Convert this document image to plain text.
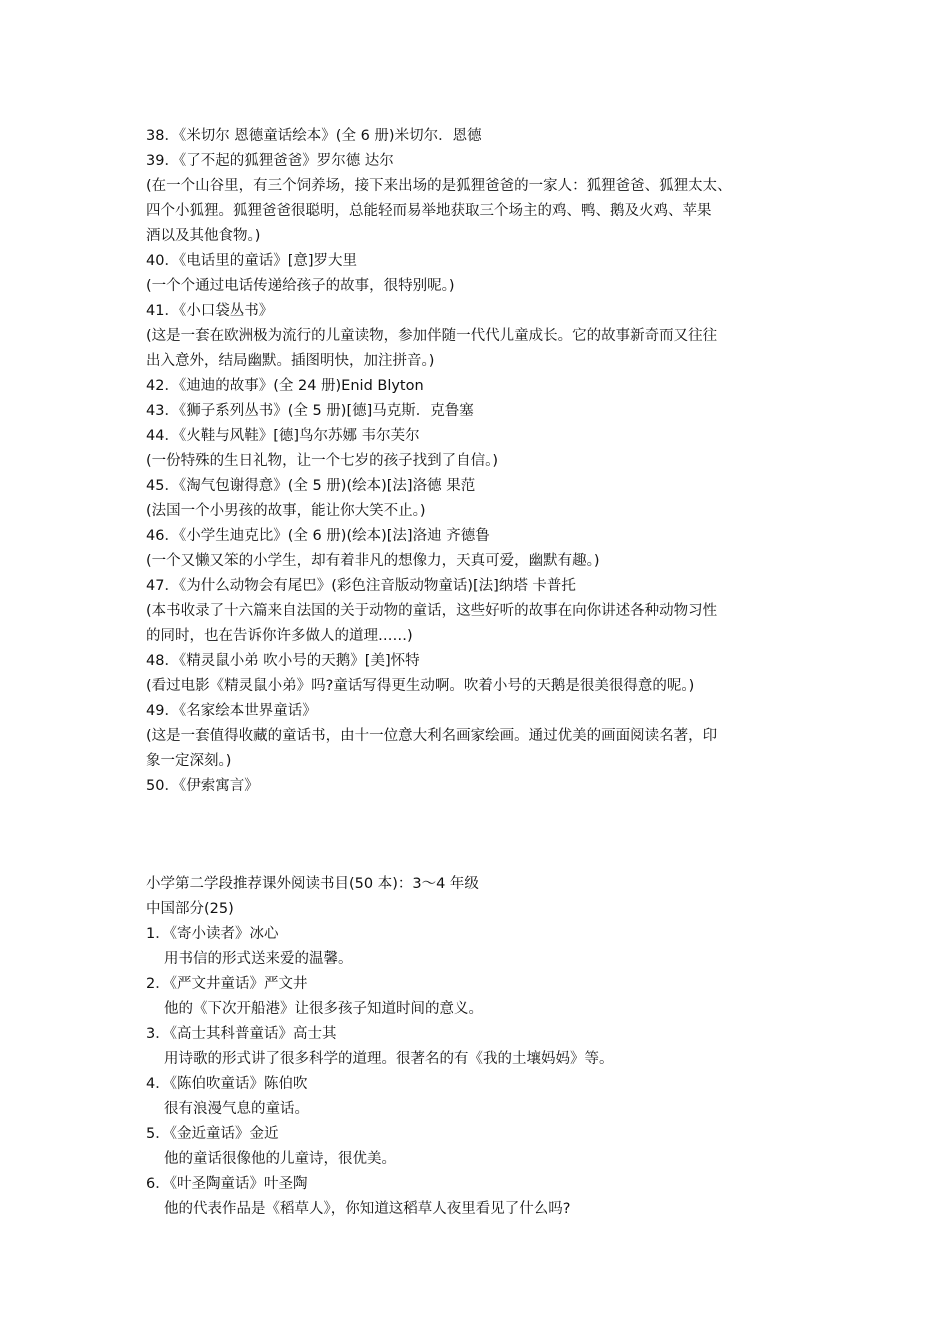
38．《米切尔 恩德童话绘本》(全 6 册)米切尔．恩德
39．《了不起的狐狸爸爸》罗尔德 达尔
(在一个山谷里，有三个饲养场，接下来出场的是狐狸爸爸的一家人：狐狸爸爸、狐狸太太、
四个小狐狸。狐狸爸爸很聪明，总能轻而易举地获取三个场主的鸡、鸭、鹅及火鸡、苹果
酒以及其他食物。)
40．《电话里的童话》[意]罗大里
(一个个通过电话传递给孩子的故事，很特别呢。)
41．《小口袋丛书》
(这是一套在欧洲极为流行的儿童读物，参加伴随一代代儿童成长。它的故事新奇而又往往
出入意外，结局幽默。插图明快，加注拼音。)
42．《迪迪的故事》(全 24 册)Enid Blyton
43．《狮子系列丛书》(全 5 册)[德]马克斯．克鲁塞
44．《火鞋与风鞋》[德]鸟尔苏娜 韦尔芙尔
(一份特殊的生日礼物，让一个七岁的孩子找到了自信。)
45．《淘气包谢得意》(全 5 册)(绘本)[法]洛德 果范
(法国一个小男孩的故事，能让你大笑不止。)
46．《小学生迪克比》(全 6 册)(绘本)[法]洛迪 齐德鲁
(一个又懒又笨的小学生，却有着非凡的想像力，天真可爱，幽默有趣。)
47．《为什么动物会有尾巴》(彩色注音版动物童话)[法]纳塔 卡普托
(本书收录了十六篇来自法国的关于动物的童话，这些好听的故事在向你讲述各种动物习性
的同时，也在告诉你许多做人的道理……)
48．《精灵鼠小弟 吹小号的天鹅》[美]怀特
(看过电影《精灵鼠小弟》吗?童话写得更生动啊。吹着小号的天鹅是很美很得意的呢。)
49．《名家绘本世界童话》
(这是一套值得收藏的童话书，由十一位意大利名画家绘画。通过优美的画面阅读名著，印
象一定深刻。)
50．《伊索寓言》
小学第二学段推荐课外阅读书目(50 本)：3～4 年级
中国部分(25)
1．《寄小读者》冰心
用书信的形式送来爱的温馨。
2．《严文井童话》严文井
他的《下次开船港》让很多孩子知道时间的意义。
3．《高士其科普童话》高士其
用诗歌的形式讲了很多科学的道理。很著名的有《我的土壤妈妈》等。
4．《陈伯吹童话》陈伯吹
很有浪漫气息的童话。
5．《金近童话》金近
他的童话很像他的儿童诗，很优美。
6．《叶圣陶童话》叶圣陶
他的代表作品是《稻草人》，你知道这稻草人夜里看见了什么吗?
